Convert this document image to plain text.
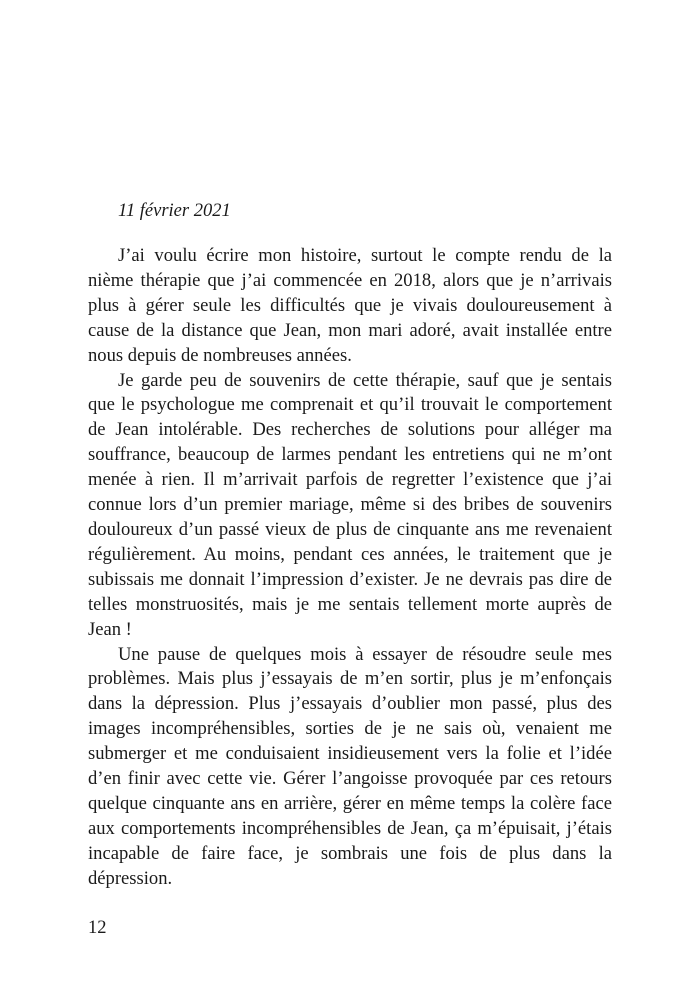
11 février 2021

J’ai voulu écrire mon histoire, surtout le compte rendu de la nième thérapie que j’ai commencée en 2018, alors que je n’arrivais plus à gérer seule les difficultés que je vivais douloureusement à cause de la distance que Jean, mon mari adoré, avait installée entre nous depuis de nombreuses années.

Je garde peu de souvenirs de cette thérapie, sauf que je sentais que le psychologue me comprenait et qu’il trouvait le comportement de Jean intolérable. Des recherches de solutions pour alléger ma souffrance, beaucoup de larmes pendant les entretiens qui ne m’ont menée à rien. Il m’arrivait parfois de regretter l’existence que j’ai connue lors d’un premier mariage, même si des bribes de souvenirs douloureux d’un passé vieux de plus de cinquante ans me revenaient régulièrement. Au moins, pendant ces années, le traitement que je subissais me donnait l’impression d’exister. Je ne devrais pas dire de telles monstruosités, mais je me sentais tellement morte auprès de Jean !

Une pause de quelques mois à essayer de résoudre seule mes problèmes. Mais plus j’essayais de m’en sortir, plus je m’enfonçais dans la dépression. Plus j’essayais d’oublier mon passé, plus des images incompréhensibles, sorties de je ne sais où, venaient me submerger et me conduisaient insidieusement vers la folie et l’idée d’en finir avec cette vie. Gérer l’angoisse provoquée par ces retours quelque cinquante ans en arrière, gérer en même temps la colère face aux comportements incompréhensibles de Jean, ça m’épuisait, j’étais incapable de faire face, je sombrais une fois de plus dans la dépression.

12
